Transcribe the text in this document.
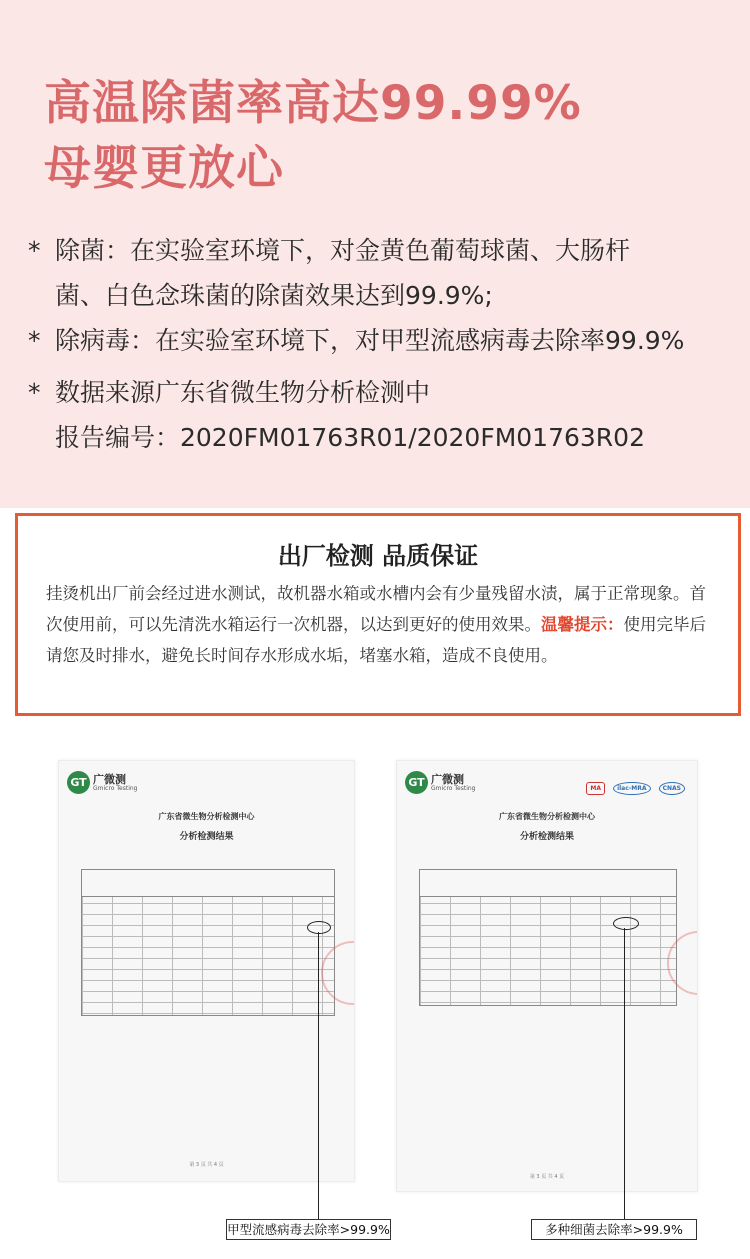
高温除菌率高达99.99%
母婴更放心
* 除菌：在实验室环境下，对金黄色葡萄球菌、大肠杆
菌、白色念珠菌的除菌效果达到99.9%;
* 除病毒：在实验室环境下，对甲型流感病毒去除率99.9%
* 数据来源广东省微生物分析检测中
报告编号：2020FM01763R01/2020FM01763R02
出厂检测 品质保证
挂烫机出厂前会经过进水测试，故机器水箱或水槽内会有少量残留水渍，属于正常现象。首次使用前，可以先清洗水箱运行一次机器，以达到更好的使用效果。温馨提示：使用完毕后请您及时排水，避免长时间存水形成水垢，堵塞水箱，造成不良使用。
GT 广微测
Gmicro Testing
广东省微生物分析检测中心
分析检测结果
第 3 页 共 4 页
GT 广微测
Gmicro Testing	MA	ilac-MRA	CNAS
广东省微生物分析检测中心
分析检测结果
第 3 页 共 4 页
甲型流感病毒去除率>99.9%	多种细菌去除率>99.9%
